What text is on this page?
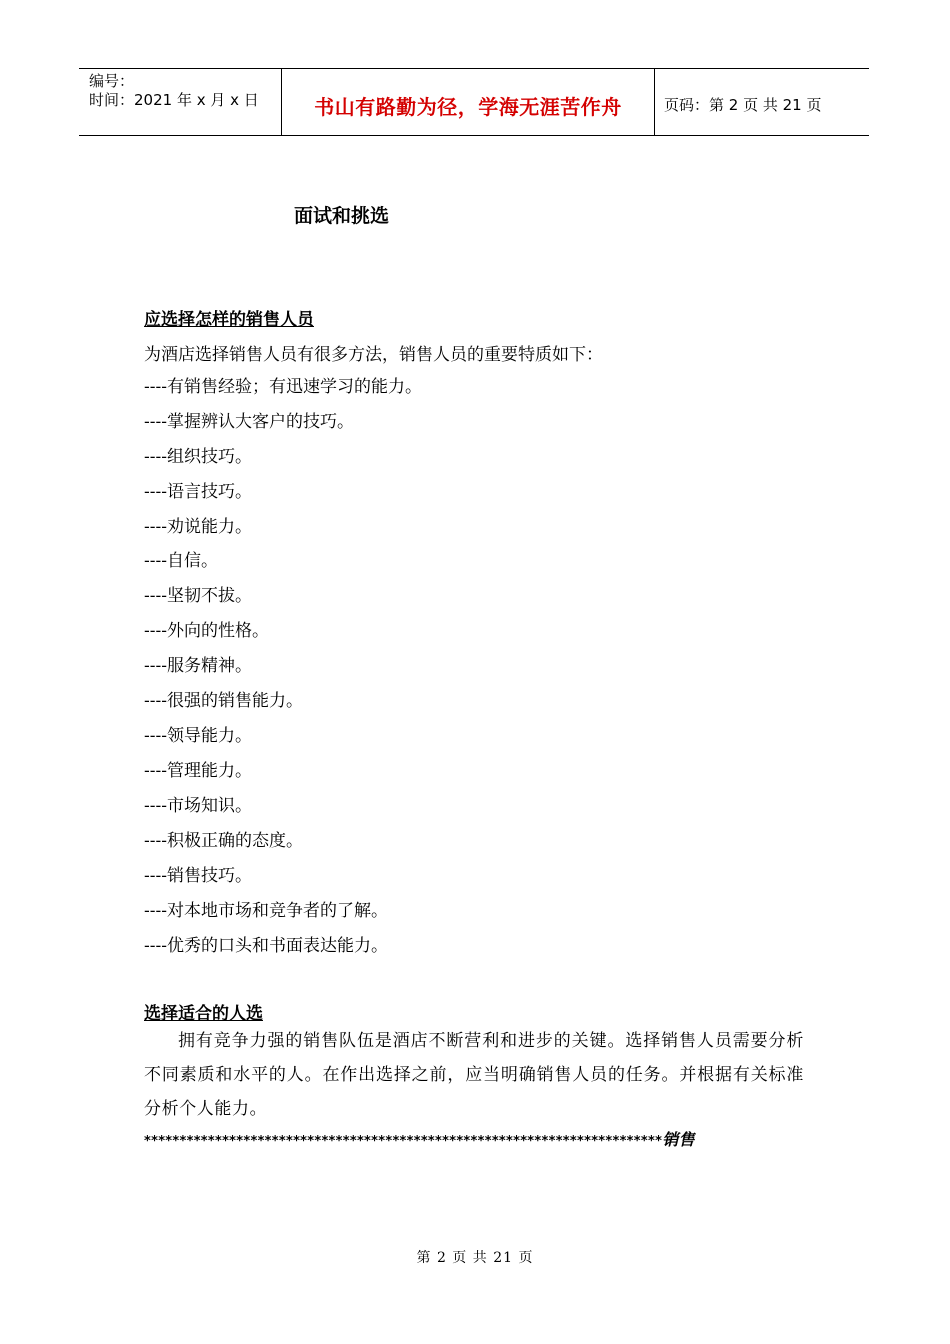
编号：
时间：2021 年 x 月 x 日	书山有路勤为径，学海无涯苦作舟	页码：第 2 页 共 21 页
面试和挑选
应选择怎样的销售人员
为酒店选择销售人员有很多方法，销售人员的重要特质如下：
----有销售经验；有迅速学习的能力。
----掌握辨认大客户的技巧。
----组织技巧。
----语言技巧。
----劝说能力。
----自信。
----坚韧不拔。
----外向的性格。
----服务精神。
----很强的销售能力。
----领导能力。
----管理能力。
----市场知识。
----积极正确的态度。
----销售技巧。
----对本地市场和竞争者的了解。
----优秀的口头和书面表达能力。
选择适合的人选
拥有竞争力强的销售队伍是酒店不断营利和进步的关键。选择销售人员需要分析不同素质和水平的人。在作出选择之前，应当明确销售人员的任务。并根据有关标准分析个人能力。
*************************************************************************销售
第 2 页 共 21 页
